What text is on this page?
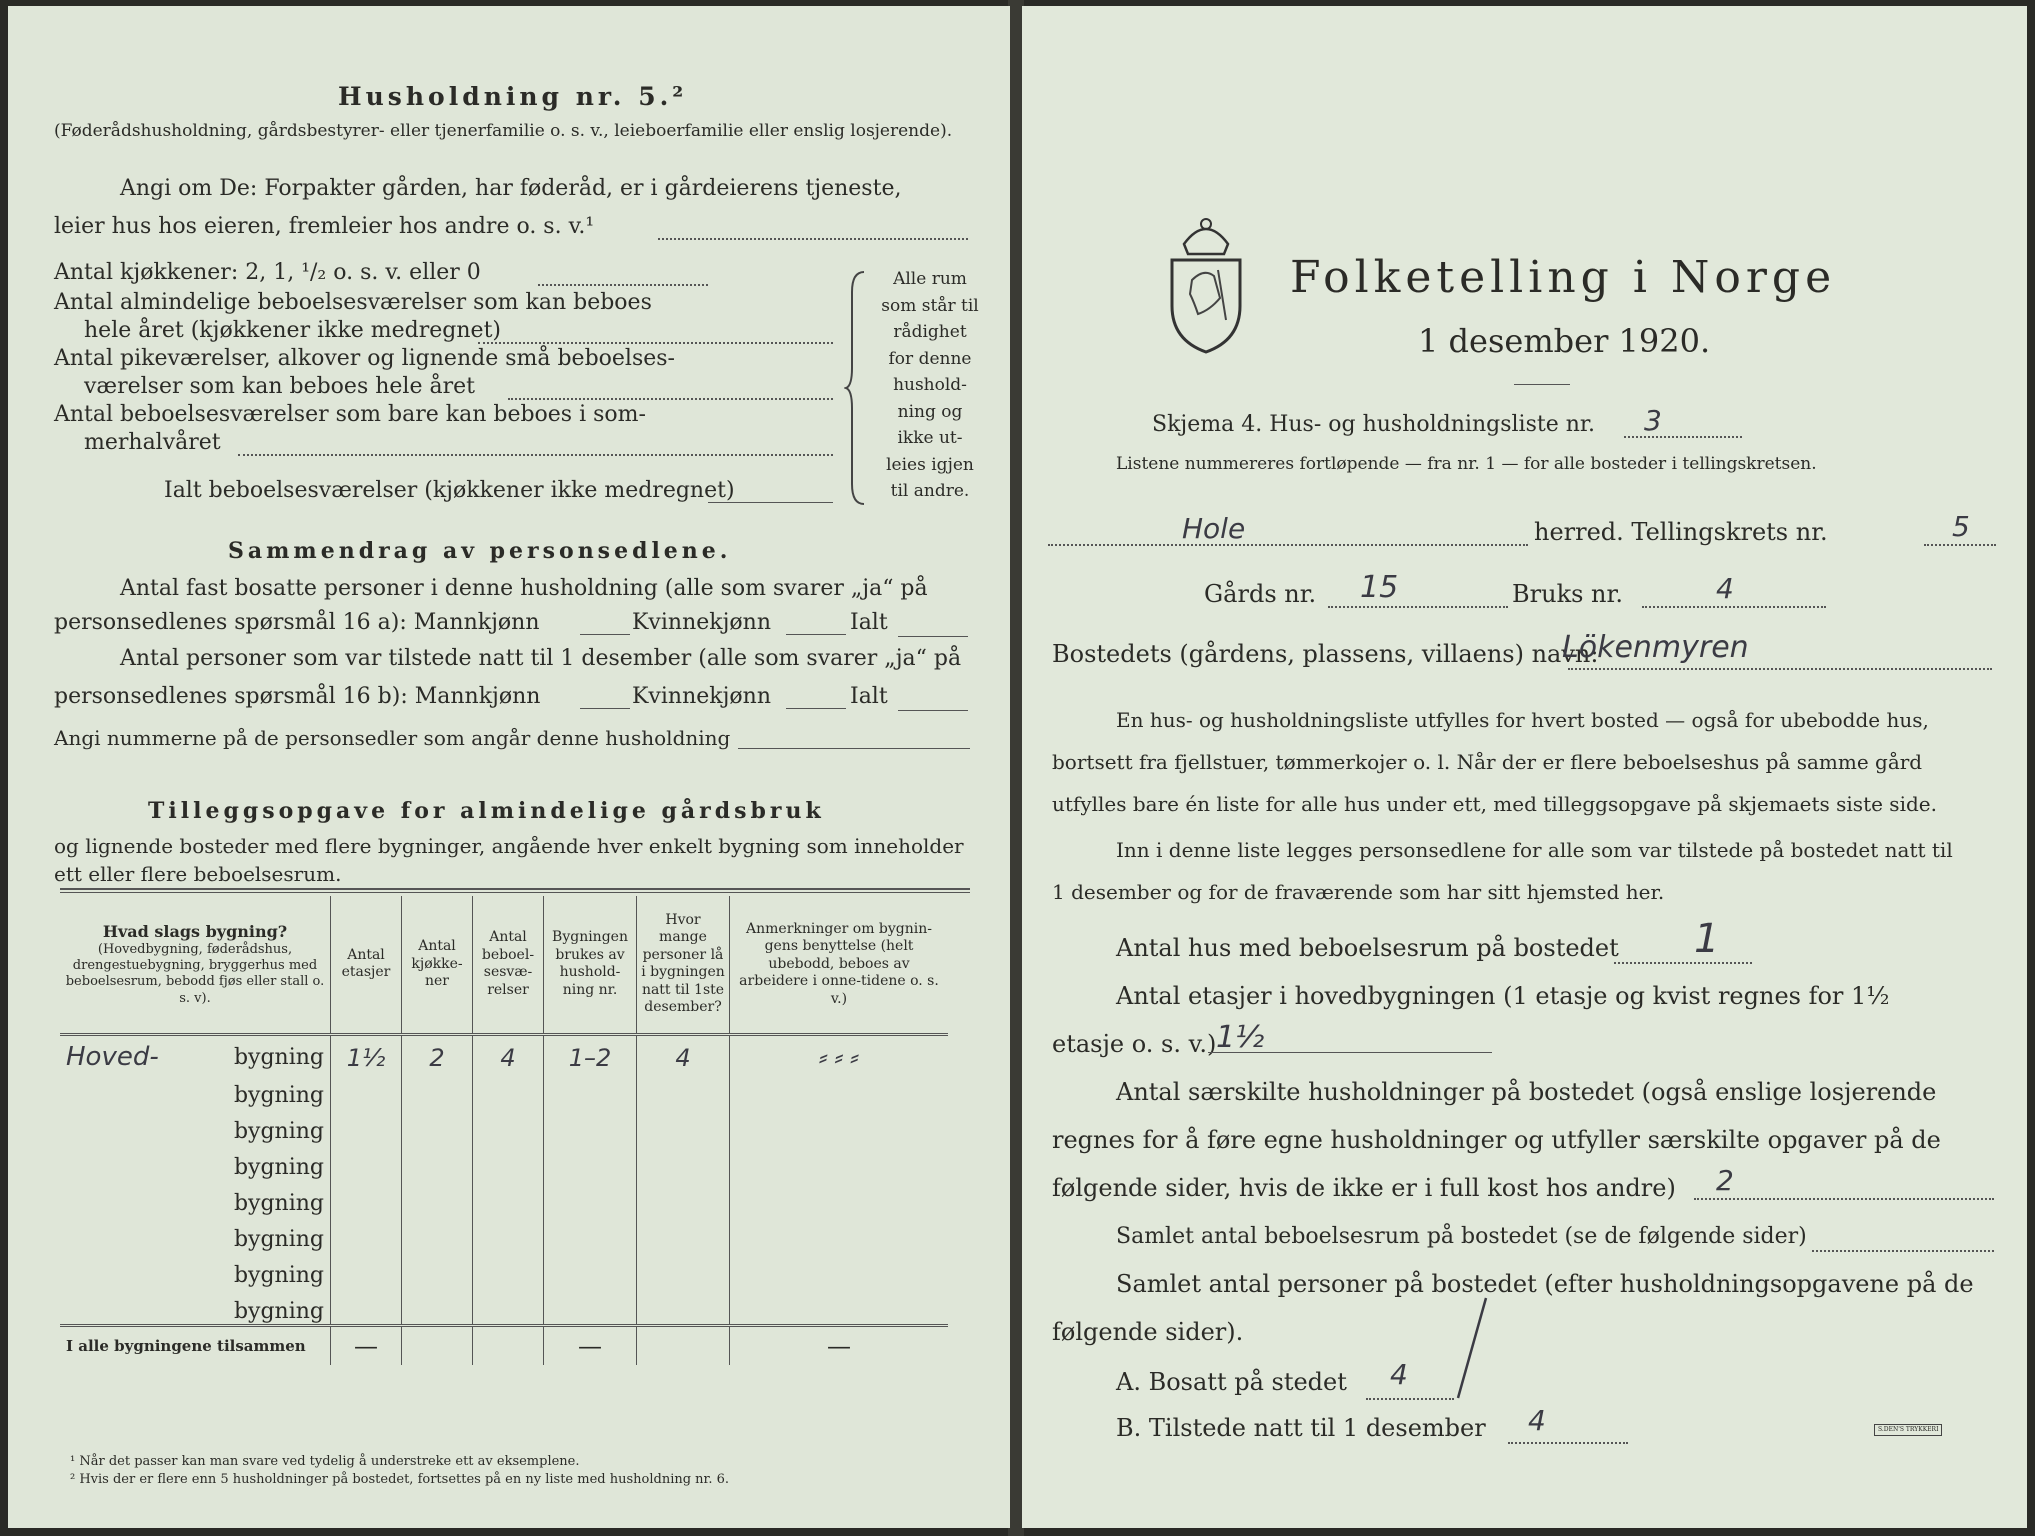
Husholdning nr. 5.²
(Føderådshusholdning, gårdsbestyrer- eller tjenerfamilie o. s. v., leieboerfamilie eller enslig losjerende).
Angi om De: Forpakter gården, har føderåd, er i gårdeierens tjeneste,
leier hus hos eieren, fremleier hos andre o. s. v.¹
Antal kjøkkener: 2, 1, ¹/₂ o. s. v. eller 0
Antal almindelige beboelsesværelser som kan beboes
hele året (kjøkkener ikke medregnet)
Antal pikeværelser, alkover og lignende små beboelses-
værelser som kan beboes hele året
Antal beboelsesværelser som bare kan beboes i som-
merhalvåret
Alle rum
som står til
rådighet
for denne
hushold-
ning og
ikke ut-
leies igjen
til andre.
Ialt beboelsesværelser (kjøkkener ikke medregnet)
Sammendrag av personsedlene.
Antal fast bosatte personer i denne husholdning (alle som svarer „ja“ på
personsedlenes spørsmål 16 a): Mannkjønn	Kvinnekjønn	Ialt
Antal personer som var tilstede natt til 1 desember (alle som svarer „ja“ på
personsedlenes spørsmål 16 b): Mannkjønn	Kvinnekjønn	Ialt
Angi nummerne på de personsedler som angår denne husholdning
Tilleggsopgave for almindelige gårdsbruk
og lignende bosteder med flere bygninger, angående hver enkelt bygning som inneholder
ett eller flere beboelsesrum.
Hvad slags bygning?
(Hovedbygning, føderådshus, drengestuebygning, bryggerhus med beboelsesrum, bebodd fjøs eller stall o. s. v).	Antal etasjer	Antal kjøkke-ner	Antal beboel-sesvæ-relser	Bygningen brukes av hushold-ning nr.	Hvor mange personer lå i bygningen natt til 1ste desember?	Anmerkninger om bygnin-gens benyttelse (helt ubebodd, beboes av arbeidere i onne-tidene o. s. v.)

Hoved- bygning	1½	2	4	1–2	4	⸗ ⸗ ⸗

bygning						

bygning						

bygning						

bygning						

bygning						

bygning						

bygning						
I alle bygningene tilsammen	—			—		—
¹ Når det passer kan man svare ved tydelig å understreke ett av eksemplene.
² Hvis der er flere enn 5 husholdninger på bostedet, fortsettes på en ny liste med husholdning nr. 6.
Folketelling i Norge
1 desember 1920.
Skjema 4. Hus- og husholdningsliste nr. 3
Listene nummereres fortløpende — fra nr. 1 — for alle bosteder i tellingskretsen.
Hole	herred. Tellingskrets nr.	5
Gårds nr. 15	Bruks nr.	4
Bostedets (gårdens, plassens, villaens) navn:
Lökenmyren
En hus- og husholdningsliste utfylles for hvert bosted — også for ubebodde hus,
bortsett fra fjellstuer, tømmerkojer o. l. Når der er flere beboelseshus på samme gård
utfylles bare én liste for alle hus under ett, med tilleggsopgave på skjemaets siste side.
Inn i denne liste legges personsedlene for alle som var tilstede på bostedet natt til
1 desember og for de fraværende som har sitt hjemsted her.
Antal hus med beboelsesrum på bostedet 1
Antal etasjer i hovedbygningen (1 etasje og kvist regnes for 1½
etasje o. s. v.) 1½
Antal særskilte husholdninger på bostedet (også enslige losjerende
regnes for å føre egne husholdninger og utfyller særskilte opgaver på de
følgende sider, hvis de ikke er i full kost hos andre) 2
Samlet antal beboelsesrum på bostedet (se de følgende sider)
Samlet antal personer på bostedet (efter husholdningsopgavene på de
følgende sider).
A. Bosatt på stedet 4
B. Tilstede natt til 1 desember 4	S.DEN'S TRYKKERI
